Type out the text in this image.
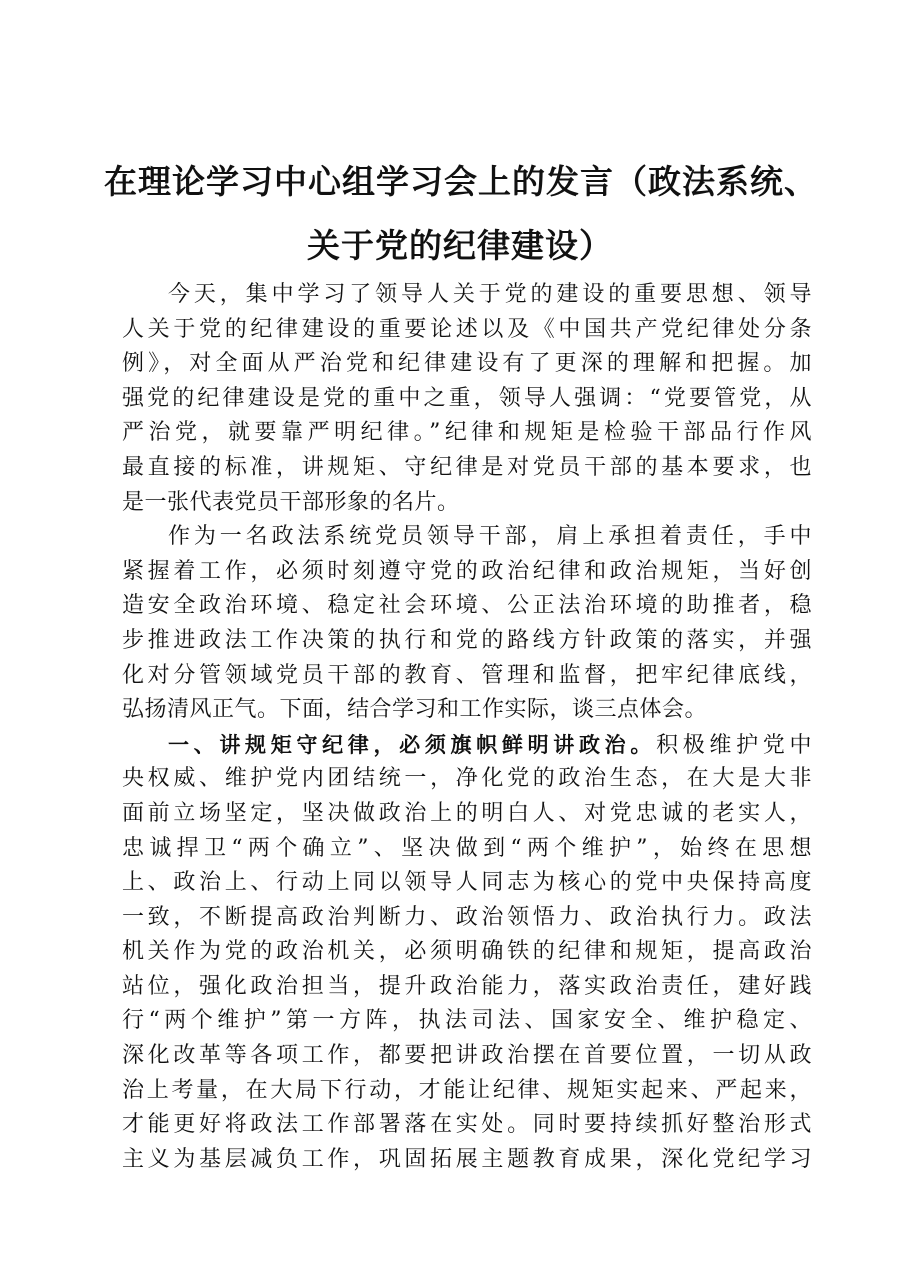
在理论学习中心组学习会上的发言（政法系统、
关于党的纪律建设）
今天，集中学习了领导人关于党的建设的重要思想、领导
人关于党的纪律建设的重要论述以及《中国共产党纪律处分条
例》，对全面从严治党和纪律建设有了更深的理解和把握。加
强党的纪律建设是党的重中之重，领导人强调：“党要管党，从
严治党，就要靠严明纪律。”纪律和规矩是检验干部品行作风
最直接的标准，讲规矩、守纪律是对党员干部的基本要求，也
是一张代表党员干部形象的名片。
作为一名政法系统党员领导干部，肩上承担着责任，手中
紧握着工作，必须时刻遵守党的政治纪律和政治规矩，当好创
造安全政治环境、稳定社会环境、公正法治环境的助推者，稳
步推进政法工作决策的执行和党的路线方针政策的落实，并强
化对分管领域党员干部的教育、管理和监督，把牢纪律底线，
弘扬清风正气。下面，结合学习和工作实际，谈三点体会。
一、讲规矩守纪律，必须旗帜鲜明讲政治。积极维护党中
央权威、维护党内团结统一，净化党的政治生态，在大是大非
面前立场坚定，坚决做政治上的明白人、对党忠诚的老实人，
忠诚捍卫“两个确立”、坚决做到“两个维护”，始终在思想
上、政治上、行动上同以领导人同志为核心的党中央保持高度
一致，不断提高政治判断力、政治领悟力、政治执行力。政法
机关作为党的政治机关，必须明确铁的纪律和规矩，提高政治
站位，强化政治担当，提升政治能力，落实政治责任，建好践
行“两个维护”第一方阵，执法司法、国家安全、维护稳定、
深化改革等各项工作，都要把讲政治摆在首要位置，一切从政
治上考量，在大局下行动，才能让纪律、规矩实起来、严起来，
才能更好将政法工作部署落在实处。同时要持续抓好整治形式
主义为基层减负工作，巩固拓展主题教育成果，深化党纪学习
